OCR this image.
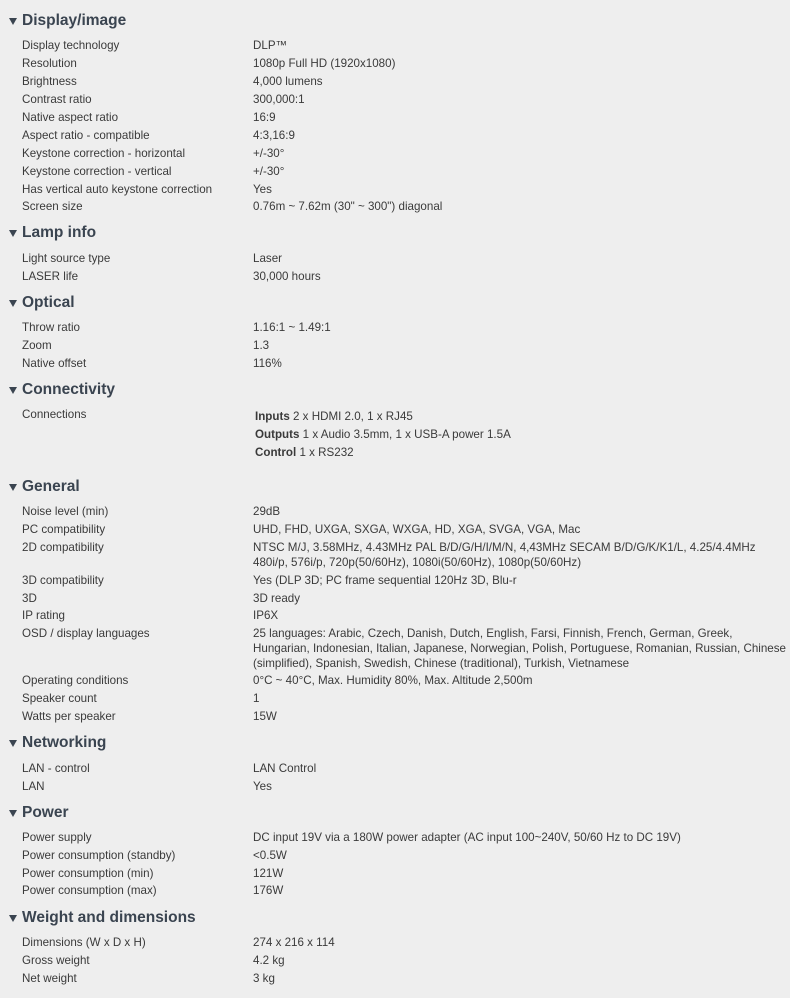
Display/image
Display technology	DLP™
Resolution	1080p Full HD (1920x1080)
Brightness	4,000 lumens
Contrast ratio	300,000:1
Native aspect ratio	16:9
Aspect ratio - compatible	4:3,16:9
Keystone correction - horizontal	+/-30°
Keystone correction - vertical	+/-30°
Has vertical auto keystone correction	Yes
Screen size	0.76m ~ 7.62m (30" ~ 300") diagonal
Lamp info
Light source type	Laser
LASER life	30,000 hours
Optical
Throw ratio	1.16:1 ~ 1.49:1
Zoom	1.3
Native offset	116%
Connectivity
Connections	Inputs 2 x HDMI 2.0, 1 x RJ45
Outputs 1 x Audio 3.5mm, 1 x USB-A power 1.5A
Control 1 x RS232
General
Noise level (min)	29dB
PC compatibility	UHD, FHD, UXGA, SXGA, WXGA, HD, XGA, SVGA, VGA, Mac
2D compatibility	NTSC M/J, 3.58MHz, 4.43MHz PAL B/D/G/H/I/M/N, 4,43MHz SECAM B/D/G/K/K1/L, 4.25/4.4MHz
480i/p, 576i/p, 720p(50/60Hz), 1080i(50/60Hz), 1080p(50/60Hz)
3D compatibility	Yes (DLP 3D; PC frame sequential 120Hz 3D, Blu-r
3D	3D ready
IP rating	IP6X
OSD / display languages	25 languages: Arabic, Czech, Danish, Dutch, English, Farsi, Finnish, French, German, Greek,
Hungarian, Indonesian, Italian, Japanese, Norwegian, Polish, Portuguese, Romanian, Russian, Chinese
(simplified), Spanish, Swedish, Chinese (traditional), Turkish, Vietnamese
Operating conditions	0°C ~ 40°C, Max. Humidity 80%, Max. Altitude 2,500m
Speaker count	1
Watts per speaker	15W
Networking
LAN - control	LAN Control
LAN	Yes
Power
Power supply	DC input 19V via a 180W power adapter (AC input 100~240V, 50/60 Hz to DC 19V)
Power consumption (standby)	<0.5W
Power consumption (min)	121W
Power consumption (max)	176W
Weight and dimensions
Dimensions (W x D x H)	274 x 216 x 114
Gross weight	4.2 kg
Net weight	3 kg
